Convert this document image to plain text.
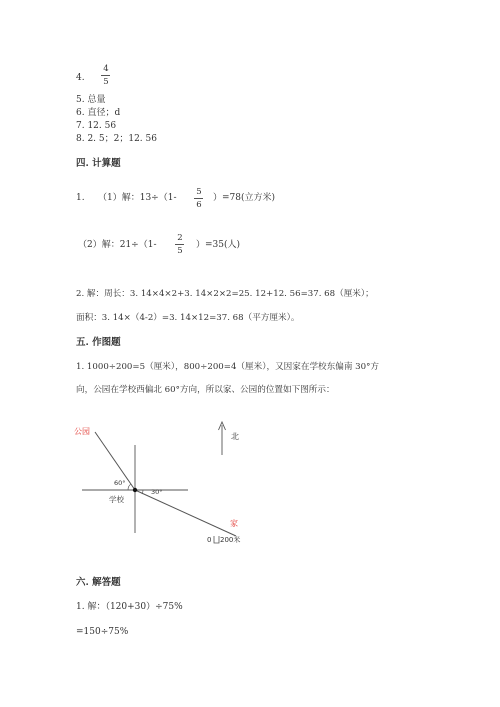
4.
4
5
5. 总量
6. 直径；d
7. 12. 56
8. 2. 5；2；12. 56
四. 计算题
1. （1）解：13÷（1-
5
6
）=78(立方米)
（2）解：21÷（1-
2
5
）=35(人)
2. 解：周长：3. 14×4×2+3. 14×2×2=25. 12+12. 56=37. 68（厘米）；
面积：3. 14×（4-2）=3. 14×12=37. 68（平方厘米）。
五. 作图题
1. 1000÷200=5（厘米），800÷200=4（厘米），又因家在学校东偏南 30°方
向，公园在学校西偏北 60°方向，所以家、公园的位置如下图所示：
公园
60°
30°
学校
家
北
0 200米
六. 解答题
1. 解：（120+30）÷75%
=150÷75%
